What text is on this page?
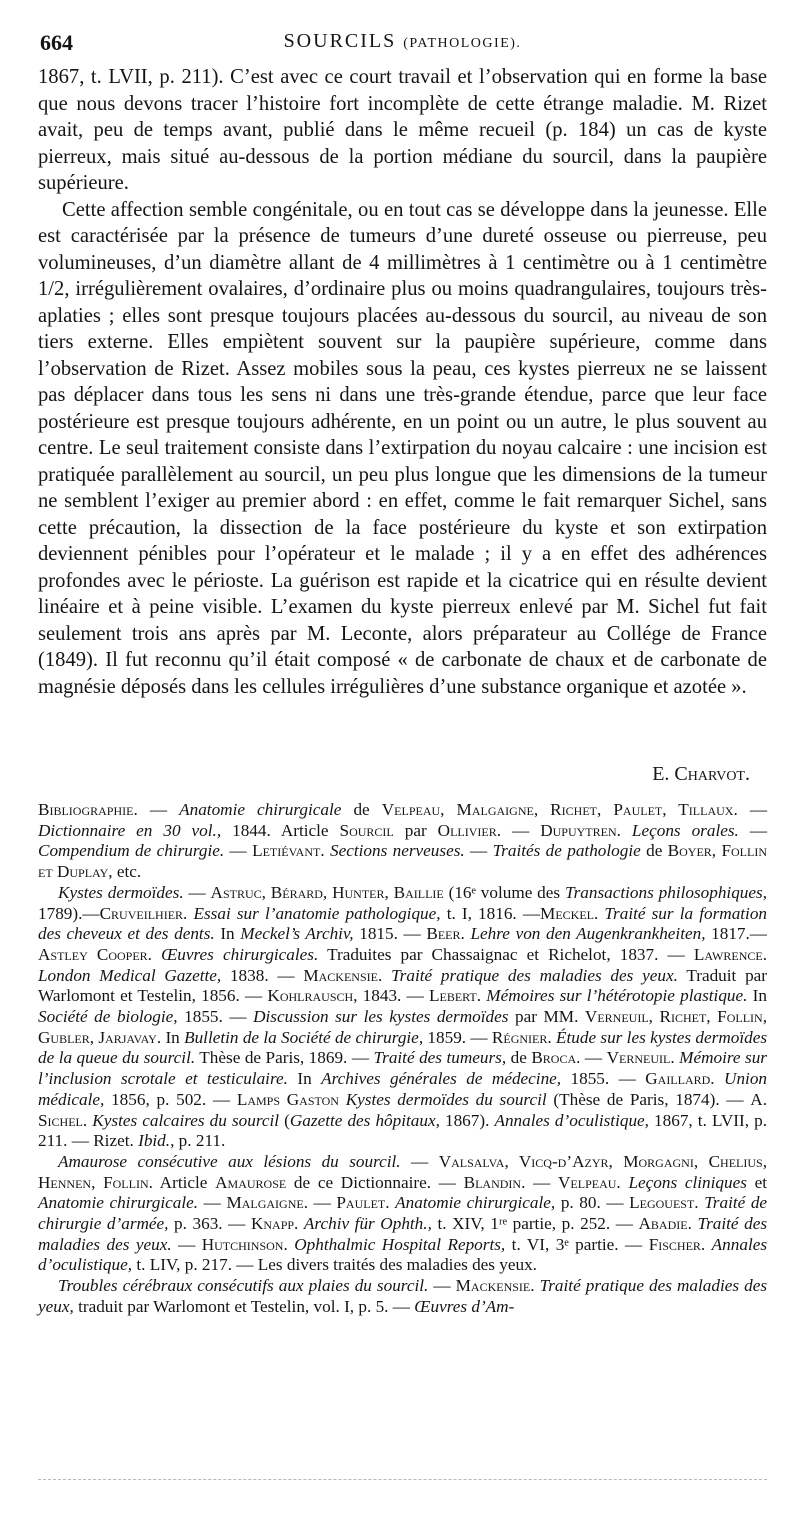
664	SOURCILS (PATHOLOGIE).

1867, t. LVII, p. 211). C’est avec ce court travail et l’observation qui en forme la base que nous devons tracer l’histoire fort incomplète de cette étrange maladie. M. Rizet avait, peu de temps avant, publié dans le même recueil (p. 184) un cas de kyste pierreux, mais situé au-dessous de la portion médiane du sourcil, dans la paupière supérieure.

Cette affection semble congénitale, ou en tout cas se développe dans la jeunesse. Elle est caractérisée par la présence de tumeurs d’une dureté osseuse ou pierreuse, peu volumineuses, d’un diamètre allant de 4 millimètres à 1 centimètre ou à 1 centimètre 1/2, irrégulièrement ovalaires, d’ordinaire plus ou moins quadrangulaires, toujours très-aplaties ; elles sont presque toujours placées au-dessous du sourcil, au niveau de son tiers externe. Elles empiètent souvent sur la paupière supérieure, comme dans l’observation de Rizet. Assez mobiles sous la peau, ces kystes pierreux ne se laissent pas déplacer dans tous les sens ni dans une très-grande étendue, parce que leur face postérieure est presque toujours adhérente, en un point ou un autre, le plus souvent au centre. Le seul traitement consiste dans l’extirpation du noyau calcaire : une incision est pratiquée parallèlement au sourcil, un peu plus longue que les dimensions de la tumeur ne semblent l’exiger au premier abord : en effet, comme le fait remarquer Sichel, sans cette précaution, la dissection de la face postérieure du kyste et son extirpation deviennent pénibles pour l’opérateur et le malade ; il y a en effet des adhérences profondes avec le périoste. La guérison est rapide et la cicatrice qui en résulte devient linéaire et à peine visible. L’examen du kyste pierreux enlevé par M. Sichel fut fait seulement trois ans après par M. Leconte, alors préparateur au Collége de France (1849). Il fut reconnu qu’il était composé « de carbonate de chaux et de carbonate de magnésie déposés dans les cellules irrégulières d’une substance organique et azotée ».

E. Charvot.

Bibliographie. — Anatomie chirurgicale de Velpeau, Malgaigne, Richet, Paulet, Tillaux. — Dictionnaire en 30 vol., 1844. Article Sourcil par Ollivier. — Dupuytren. Leçons orales. — Compendium de chirurgie. — Letiévant. Sections nerveuses. — Traités de pathologie de Boyer, Follin et Duplay, etc.

Kystes dermoïdes. — Astruc, Bérard, Hunter, Baillie (16ᵉ volume des Transactions philosophiques, 1789).—Cruveilhier. Essai sur l’anatomie pathologique, t. I, 1816. —Meckel. Traité sur la formation des cheveux et des dents. In Meckel’s Archiv, 1815. — Beer. Lehre von den Augenkrankheiten, 1817.— Astley Cooper. Œuvres chirurgicales. Traduites par Chassaignac et Richelot, 1837. — Lawrence. London Medical Gazette, 1838. — Mackensie. Traité pratique des maladies des yeux. Traduit par Warlomont et Testelin, 1856. — Kohlrausch, 1843. — Lebert. Mémoires sur l’hétérotopie plastique. In Société de biologie, 1855. — Discussion sur les kystes dermoïdes par MM. Verneuil, Richet, Follin, Gubler, Jarjavay. In Bulletin de la Société de chirurgie, 1859. — Régnier. Étude sur les kystes dermoïdes de la queue du sourcil. Thèse de Paris, 1869. — Traité des tumeurs, de Broca. — Verneuil. Mémoire sur l’inclusion scrotale et testiculaire. In Archives générales de médecine, 1855. — Gaillard. Union médicale, 1856, p. 502. — Lamps Gaston Kystes dermoïdes du sourcil (Thèse de Paris, 1874). — A. Sichel. Kystes calcaires du sourcil (Gazette des hôpitaux, 1867). Annales d’oculistique, 1867, t. LVII, p. 211. — Rizet. Ibid., p. 211.

Amaurose consécutive aux lésions du sourcil. — Valsalva, Vicq-d’Azyr, Morgagni, Chelius, Hennen, Follin. Article Amaurose de ce Dictionnaire. — Blandin. — Velpeau. Leçons cliniques et Anatomie chirurgicale. — Malgaigne. — Paulet. Anatomie chirurgicale, p. 80. — Legouest. Traité de chirurgie d’armée, p. 363. — Knapp. Archiv für Ophth., t. XIV, 1ʳᵉ partie, p. 252. — Abadie. Traité des maladies des yeux. — Hutchinson. Ophthalmic Hospital Reports, t. VI, 3ᵉ partie. — Fischer. Annales d’oculistique, t. LIV, p. 217. — Les divers traités des maladies des yeux.

Troubles cérébraux consécutifs aux plaies du sourcil. — Mackensie. Traité pratique des maladies des yeux, traduit par Warlomont et Testelin, vol. I, p. 5. — Œuvres d’Am-
